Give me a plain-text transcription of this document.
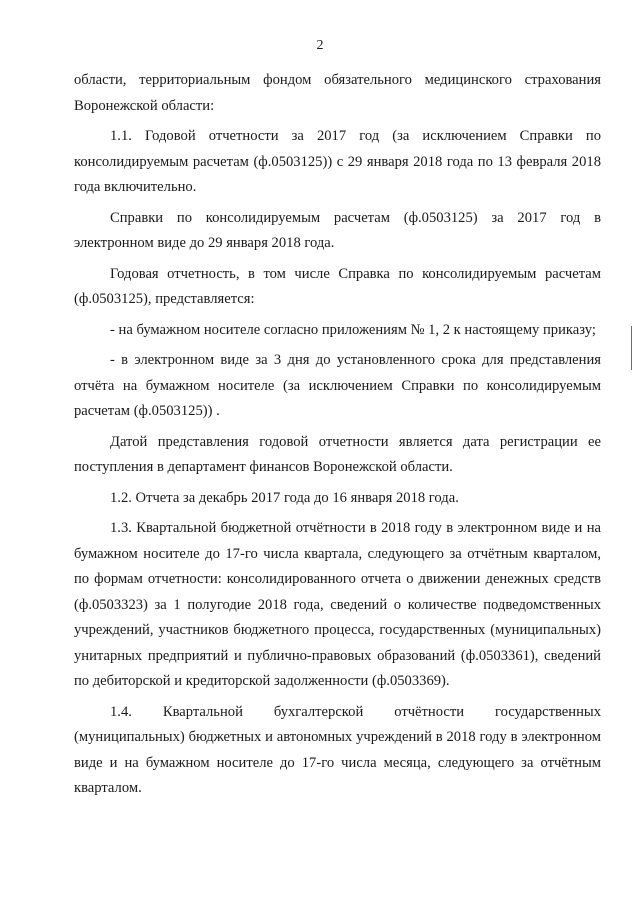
2

области, территориальным фондом обязательного медицинского страхования Воронежской области:

1.1. Годовой отчетности за 2017 год (за исключением Справки по консолидируемым расчетам (ф.0503125)) с 29 января 2018 года по 13 февраля 2018 года включительно.

Справки по консолидируемым расчетам (ф.0503125) за 2017 год в электронном виде до 29 января 2018 года.

Годовая отчетность, в том числе Справка по консолидируемым расчетам (ф.0503125), представляется:

- на бумажном носителе согласно приложениям № 1, 2 к настоящему приказу;

- в электронном виде за 3 дня до установленного срока для представления отчёта на бумажном носителе (за исключением Справки по консолидируемым расчетам (ф.0503125)) .

Датой представления годовой отчетности является дата регистрации ее поступления в департамент финансов Воронежской области.

1.2. Отчета за декабрь 2017 года до 16 января 2018 года.

1.3. Квартальной бюджетной отчётности в 2018 году в электронном виде и на бумажном носителе до 17-го числа квартала, следующего за отчётным кварталом, по формам отчетности: консолидированного отчета о движении денежных средств (ф.0503323) за 1 полугодие 2018 года, сведений о количестве подведомственных учреждений, участников бюджетного процесса, государственных (муниципальных) унитарных предприятий и публично-правовых образований (ф.0503361), сведений по дебиторской и кредиторской задолженности (ф.0503369).

1.4. Квартальной бухгалтерской отчётности государственных (муниципальных) бюджетных и автономных учреждений в 2018 году в электронном виде и на бумажном носителе до 17-го числа месяца, следующего за отчётным кварталом.
